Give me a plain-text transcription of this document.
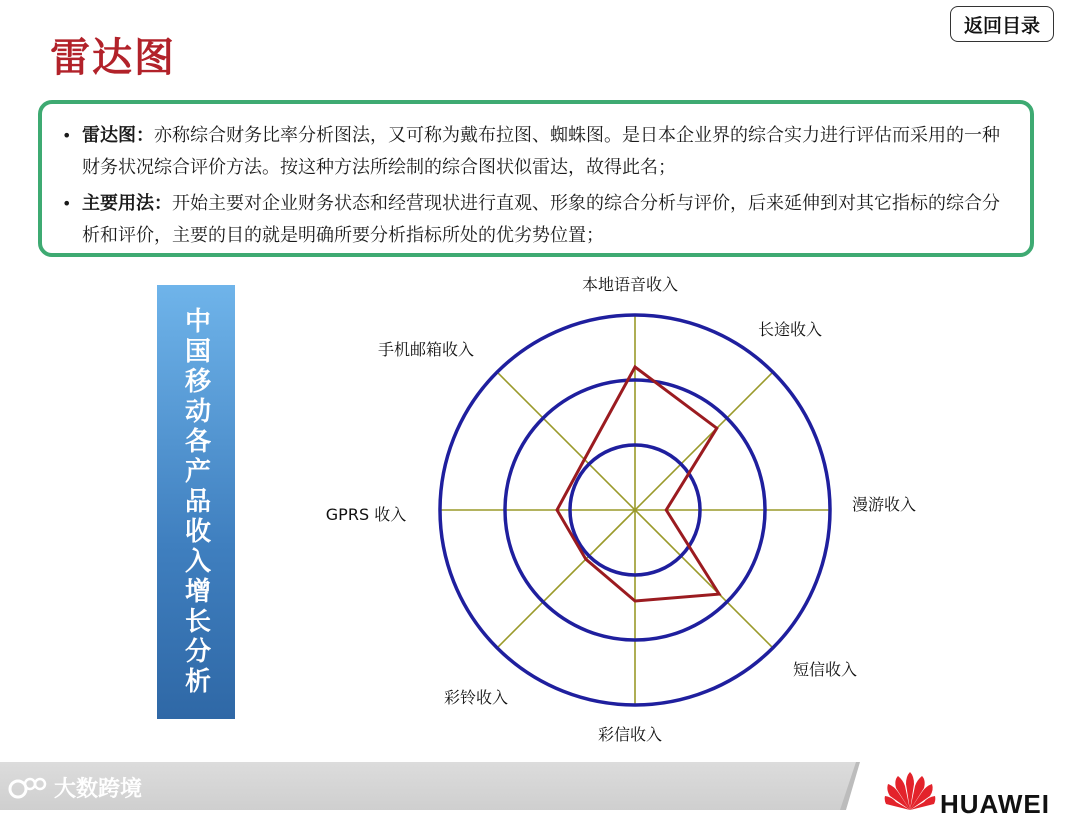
雷达图
返回目录
• 雷达图：亦称综合财务比率分析图法，又可称为戴布拉图、蜘蛛图。是日本企业界的综合实力进行评估而采用的一种财务状况综合评价方法。按这种方法所绘制的综合图状似雷达，故得此名；
• 主要用法：开始主要对企业财务状态和经营现状进行直观、形象的综合分析与评价，后来延伸到对其它指标的综合分析和评价，主要的目的就是明确所要分析指标所处的优劣势位置；
中国移动各产品收入增长分析
本地语音收入
长途收入
漫游收入
短信收入
彩信收入
彩铃收入
GPRS 收入
手机邮箱收入
大数跨境	HUAWEI
